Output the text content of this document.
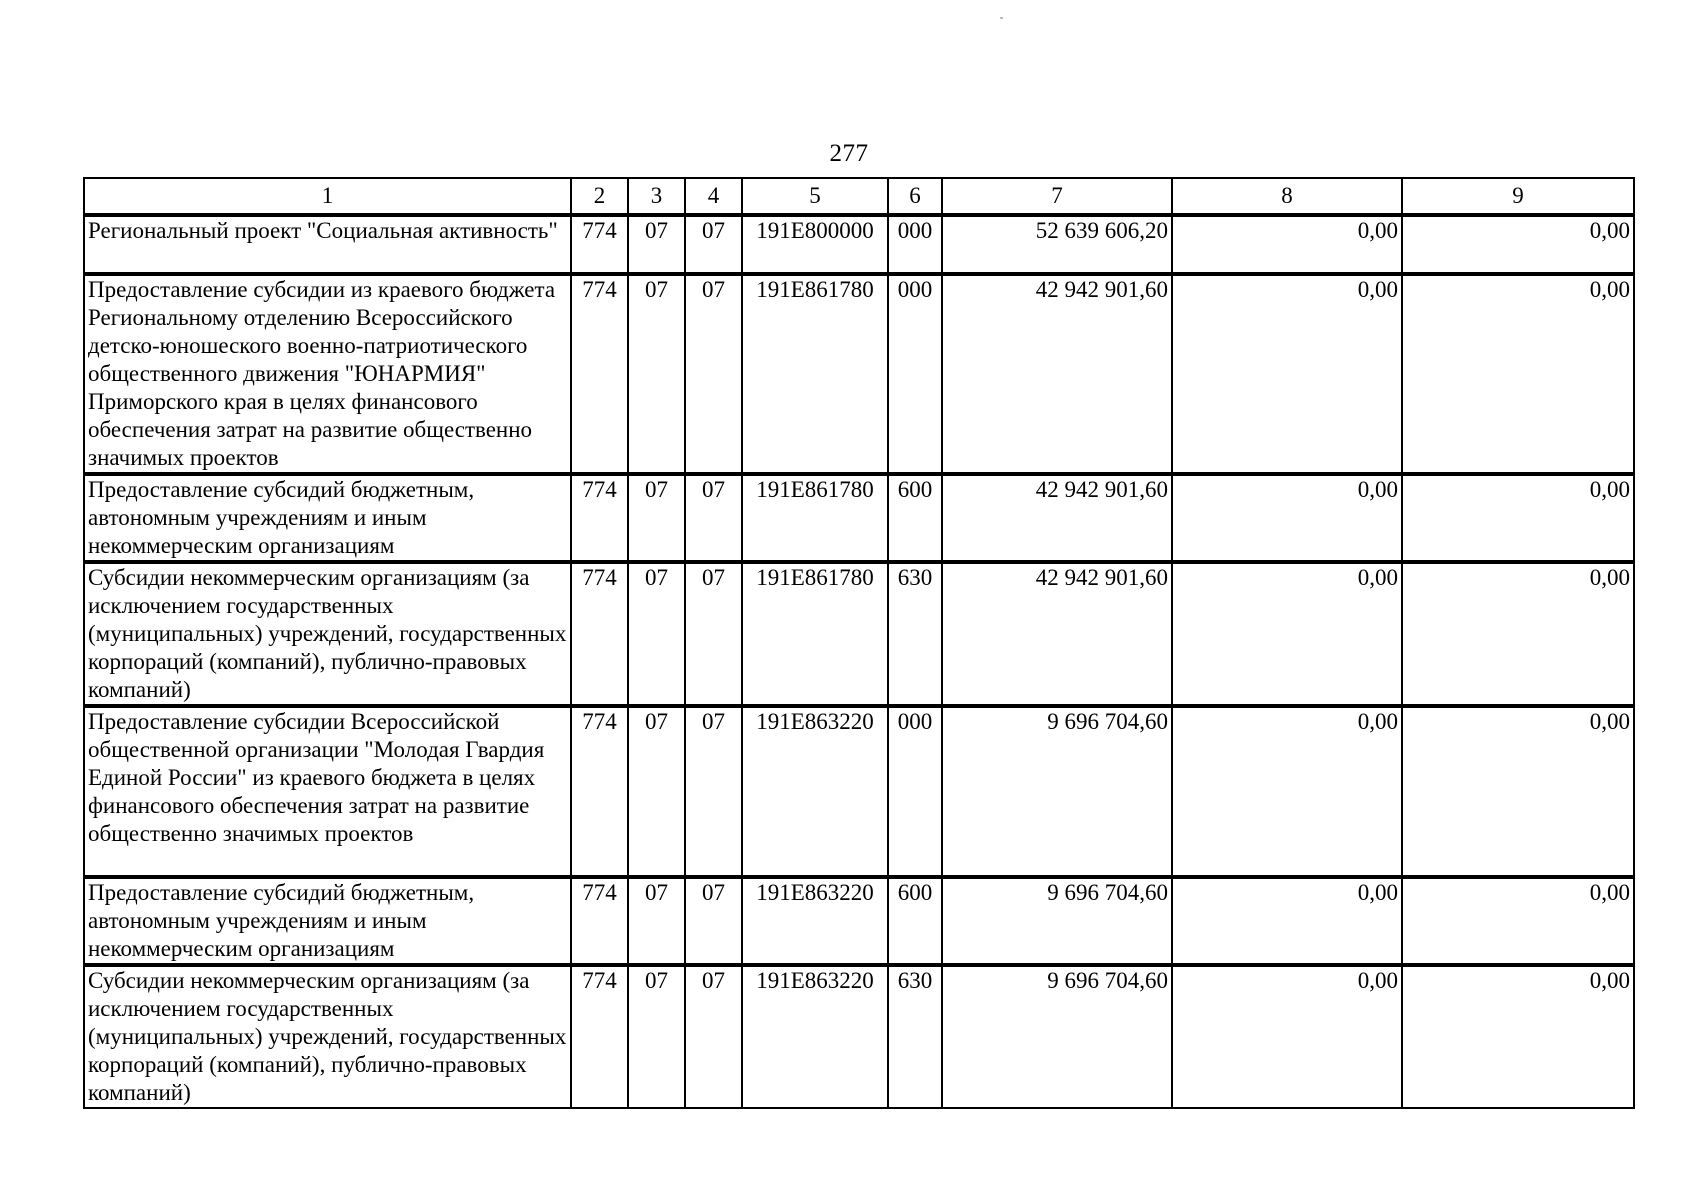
277
1	2	3	4	5	6	7	8	9
Региональный проект "Социальная активность"	774	07	07	191E800000	000	52 639 606,20	0,00	0,00
Предоставление субсидии из краевого бюджета Региональному отделению Всероссийского детско-юношеского военно-патриотического общественного движения "ЮНАРМИЯ" Приморского края в целях финансового обеспечения затрат на развитие общественно значимых проектов	774	07	07	191E861780	000	42 942 901,60	0,00	0,00
Предоставление субсидий бюджетным, автономным учреждениям и иным некоммерческим организациям	774	07	07	191E861780	600	42 942 901,60	0,00	0,00
Субсидии некоммерческим организациям (за исключением государственных (муниципальных) учреждений, государственных корпораций (компаний), публично-правовых компаний)	774	07	07	191E861780	630	42 942 901,60	0,00	0,00
Предоставление субсидии Всероссийской общественной организации "Молодая Гвардия Единой России" из краевого бюджета в целях финансового обеспечения затрат на развитие общественно значимых проектов	774	07	07	191E863220	000	9 696 704,60	0,00	0,00
Предоставление субсидий бюджетным, автономным учреждениям и иным некоммерческим организациям	774	07	07	191E863220	600	9 696 704,60	0,00	0,00
Субсидии некоммерческим организациям (за исключением государственных (муниципальных) учреждений, государственных корпораций (компаний), публично-правовых компаний)	774	07	07	191E863220	630	9 696 704,60	0,00	0,00
